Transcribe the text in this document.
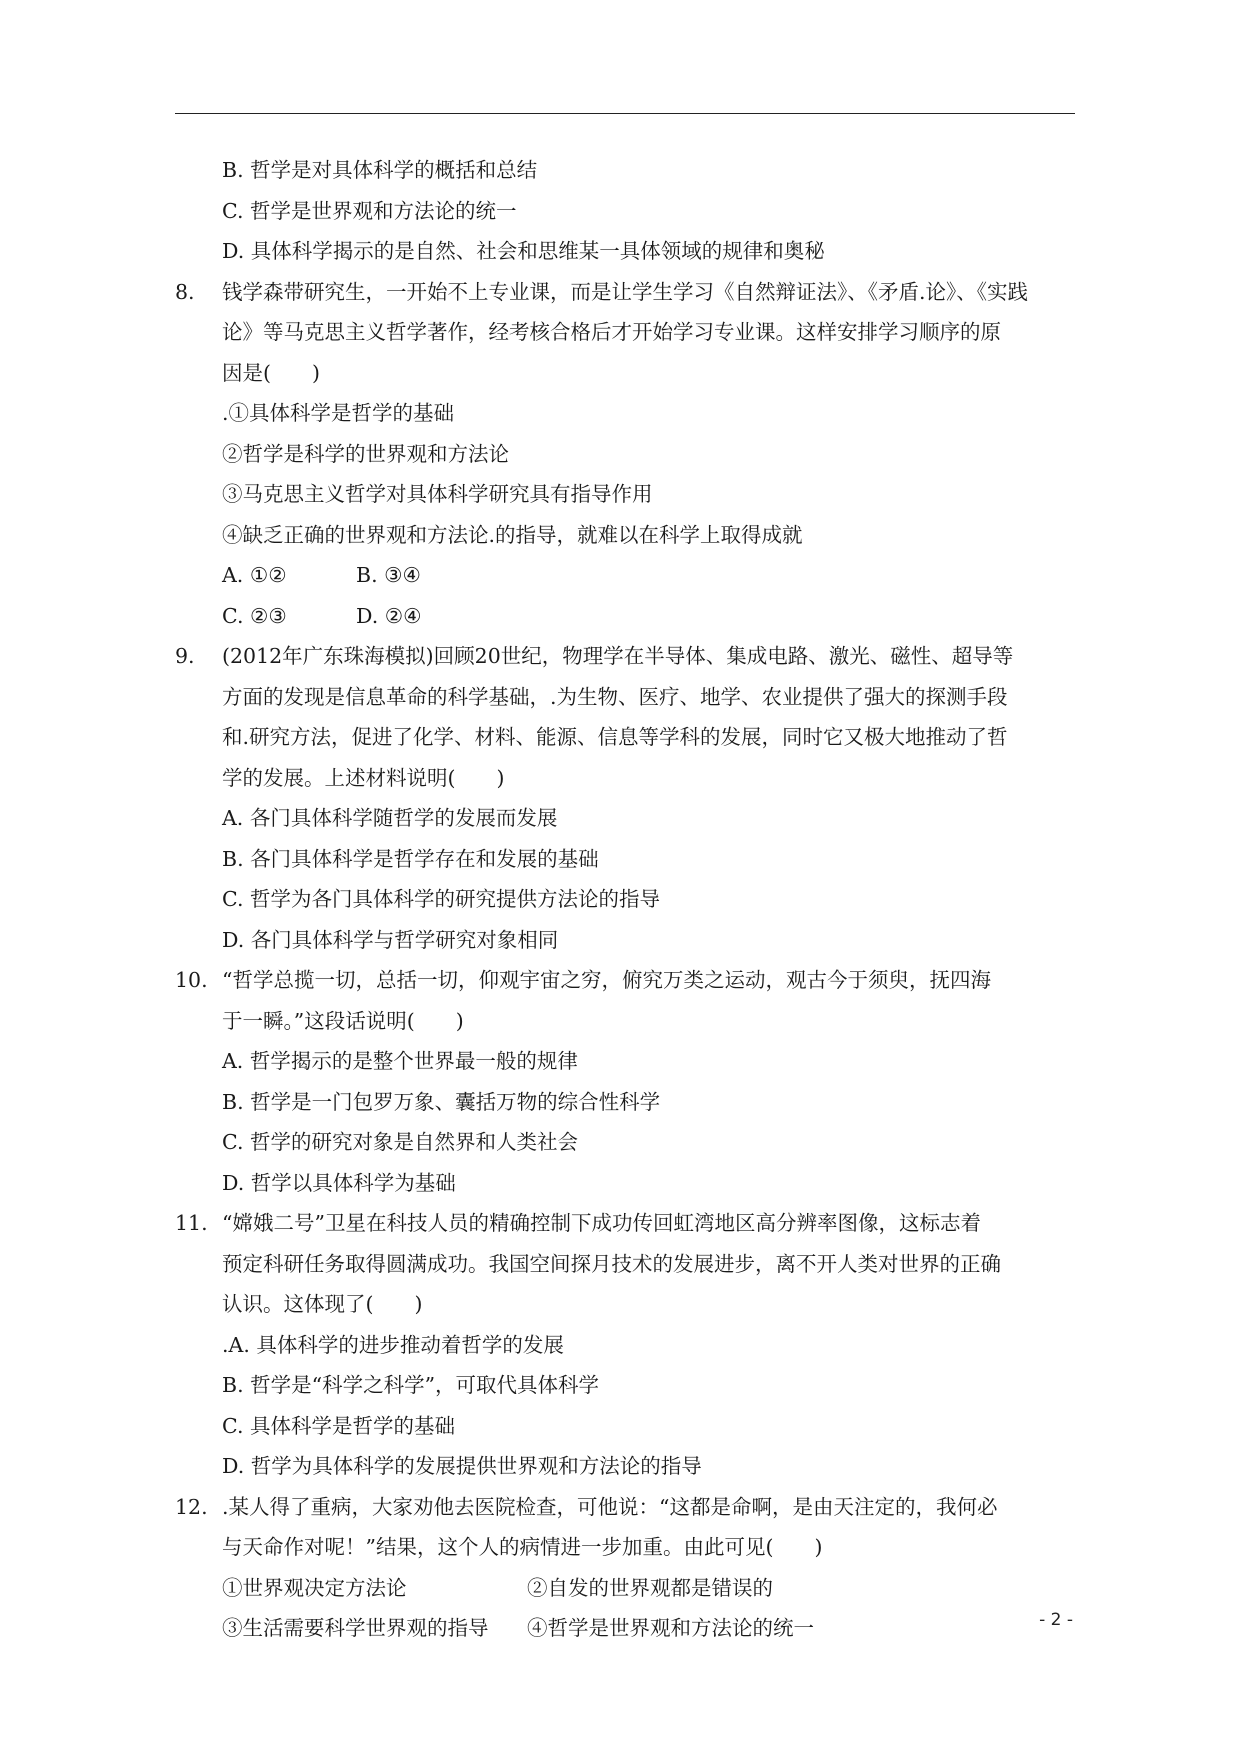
B. 哲学是对具体科学的概括和总结
C. 哲学是世界观和方法论的统一
D. 具体科学揭示的是自然、社会和思维某一具体领域的规律和奥秘
8. 钱学森带研究生，一开始不上专业课，而是让学生学习《自然辩证法》、《矛盾.论》、《实践
论》等马克思主义哲学著作，经考核合格后才开始学习专业课。这样安排学习顺序的原
因是(　　)
.①具体科学是哲学的基础
②哲学是科学的世界观和方法论
③马克思主义哲学对具体科学研究具有指导作用
④缺乏正确的世界观和方法论.的指导，就难以在科学上取得成就
A. ①②	B. ③④
C. ②③	D. ②④
9. (2012年广东珠海模拟)回顾20世纪，物理学在半导体、集成电路、激光、磁性、超导等
方面的发现是信息革命的科学基础，.为生物、医疗、地学、农业提供了强大的探测手段
和.研究方法，促进了化学、材料、能源、信息等学科的发展，同时它又极大地推动了哲
学的发展。上述材料说明(　　)
A. 各门具体科学随哲学的发展而发展
B. 各门具体科学是哲学存在和发展的基础
C. 哲学为各门具体科学的研究提供方法论的指导
D. 各门具体科学与哲学研究对象相同
10. “哲学总揽一切，总括一切，仰观宇宙之穷，俯究万类之运动，观古今于须臾，抚四海
于一瞬。”这段话说明(　　)
A. 哲学揭示的是整个世界最一般的规律
B. 哲学是一门包罗万象、囊括万物的综合性科学
C. 哲学的研究对象是自然界和人类社会
D. 哲学以具体科学为基础
11. “嫦娥二号”卫星在科技人员的精确控制下成功传回虹湾地区高分辨率图像，这标志着
预定科研任务取得圆满成功。我国空间探月技术的发展进步，离不开人类对世界的正确
认识。这体现了(　　)
.A. 具体科学的进步推动着哲学的发展
B. 哲学是“科学之科学”，可取代具体科学
C. 具体科学是哲学的基础
D. 哲学为具体科学的发展提供世界观和方法论的指导
12. .某人得了重病，大家劝他去医院检查，可他说：“这都是命啊，是由天注定的，我何必
与天命作对呢！”结果，这个人的病情进一步加重。由此可见(　　)
①世界观决定方法论	②自发的世界观都是错误的
③生活需要科学世界观的指导	④哲学是世界观和方法论的统一	- 2 -
